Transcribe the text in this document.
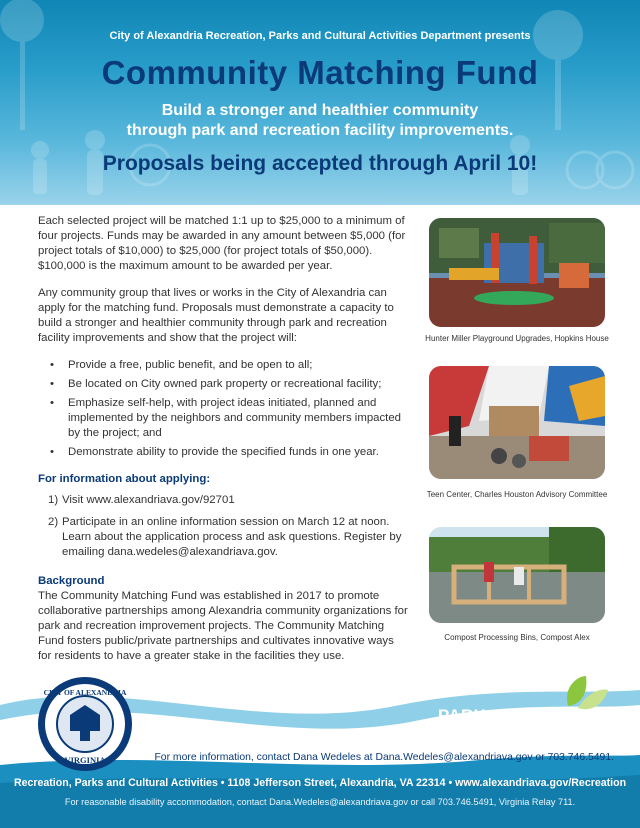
City of Alexandria Recreation, Parks and Cultural Activities Department presents
Community Matching Fund
Build a stronger and healthier community
through park and recreation facility improvements.
Proposals being accepted through April 10!

Each selected project will be matched 1:1 up to $25,000 to a minimum of four projects. Funds may be awarded in any amount between $5,000 (for project totals of $10,000) to $25,000 (for project totals of $50,000). $100,000 is the maximum amount to be awarded per year.

Any community group that lives or works in the City of Alexandria can apply for the matching fund. Proposals must demonstrate a capacity to build a stronger and healthier community through park and recreation facility improvements and show that the project will:

• Provide a free, public benefit, and be open to all;
• Be located on City owned park property or recreational facility;
• Emphasize self-help, with project ideas initiated, planned and implemented by the neighbors and community members impacted by the project; and
• Demonstrate ability to provide the specified funds in one year.
For information about applying:
1) Visit www.alexandriava.gov/92701
2) Participate in an online information session on March 12 at noon. Learn about the application process and ask questions. Register by emailing dana.wedeles@alexandriava.gov.
Background

The Community Matching Fund was established in 2017 to promote collaborative partnerships among Alexandria community organizations for park and recreation improvement projects. The Community Matching Fund fosters public/private partnerships and cultivates innovative ways for residents to have a greater stake in the facilities they use.

Hunter Miller Playground Upgrades, Hopkins House
Teen Center, Charles Houston Advisory Committee
Compost Processing Bins, Compost Alex
CITY OF ALEXANDRIA
VIRGINIA
PARKnerships
Building Community in Alexandria through Parks & Recreation
For more information, contact Dana Wedeles at Dana.Wedeles@alexandriava.gov or 703.746.5491.
Recreation, Parks and Cultural Activities • 1108 Jefferson Street, Alexandria, VA 22314 • www.alexandriava.gov/Recreation
For reasonable disability accommodation, contact Dana.Wedeles@alexandriava.gov or call 703.746.5491, Virginia Relay 711.
